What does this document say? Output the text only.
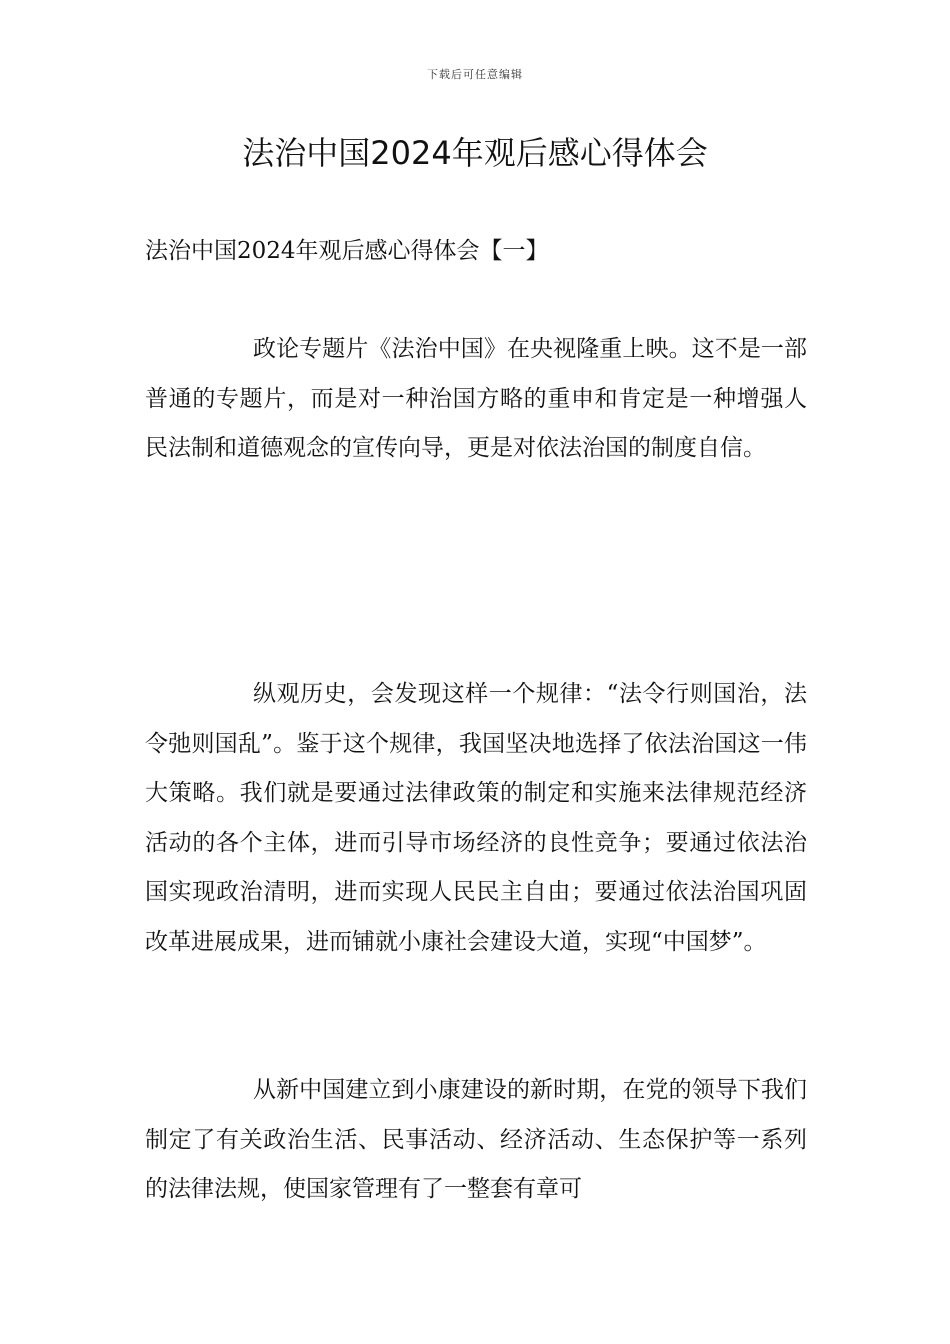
下载后可任意编辑
法治中国2024年观后感心得体会
法治中国2024年观后感心得体会【一】

政论专题片《法治中国》在央视隆重上映。这不是一部普通的专题片，而是对一种治国方略的重申和肯定是一种增强人民法制和道德观念的宣传向导，更是对依法治国的制度自信。

纵观历史，会发现这样一个规律：“法令行则国治，法令弛则国乱”。鉴于这个规律，我国坚决地选择了依法治国这一伟大策略。我们就是要通过法律政策的制定和实施来法律规范经济活动的各个主体，进而引导市场经济的良性竞争；要通过依法治国实现政治清明，进而实现人民民主自由；要通过依法治国巩固改革进展成果，进而铺就小康社会建设大道，实现“中国梦”。

从新中国建立到小康建设的新时期，在党的领导下我们制定了有关政治生活、民事活动、经济活动、生态保护等一系列的法律法规，使国家管理有了一整套有章可
